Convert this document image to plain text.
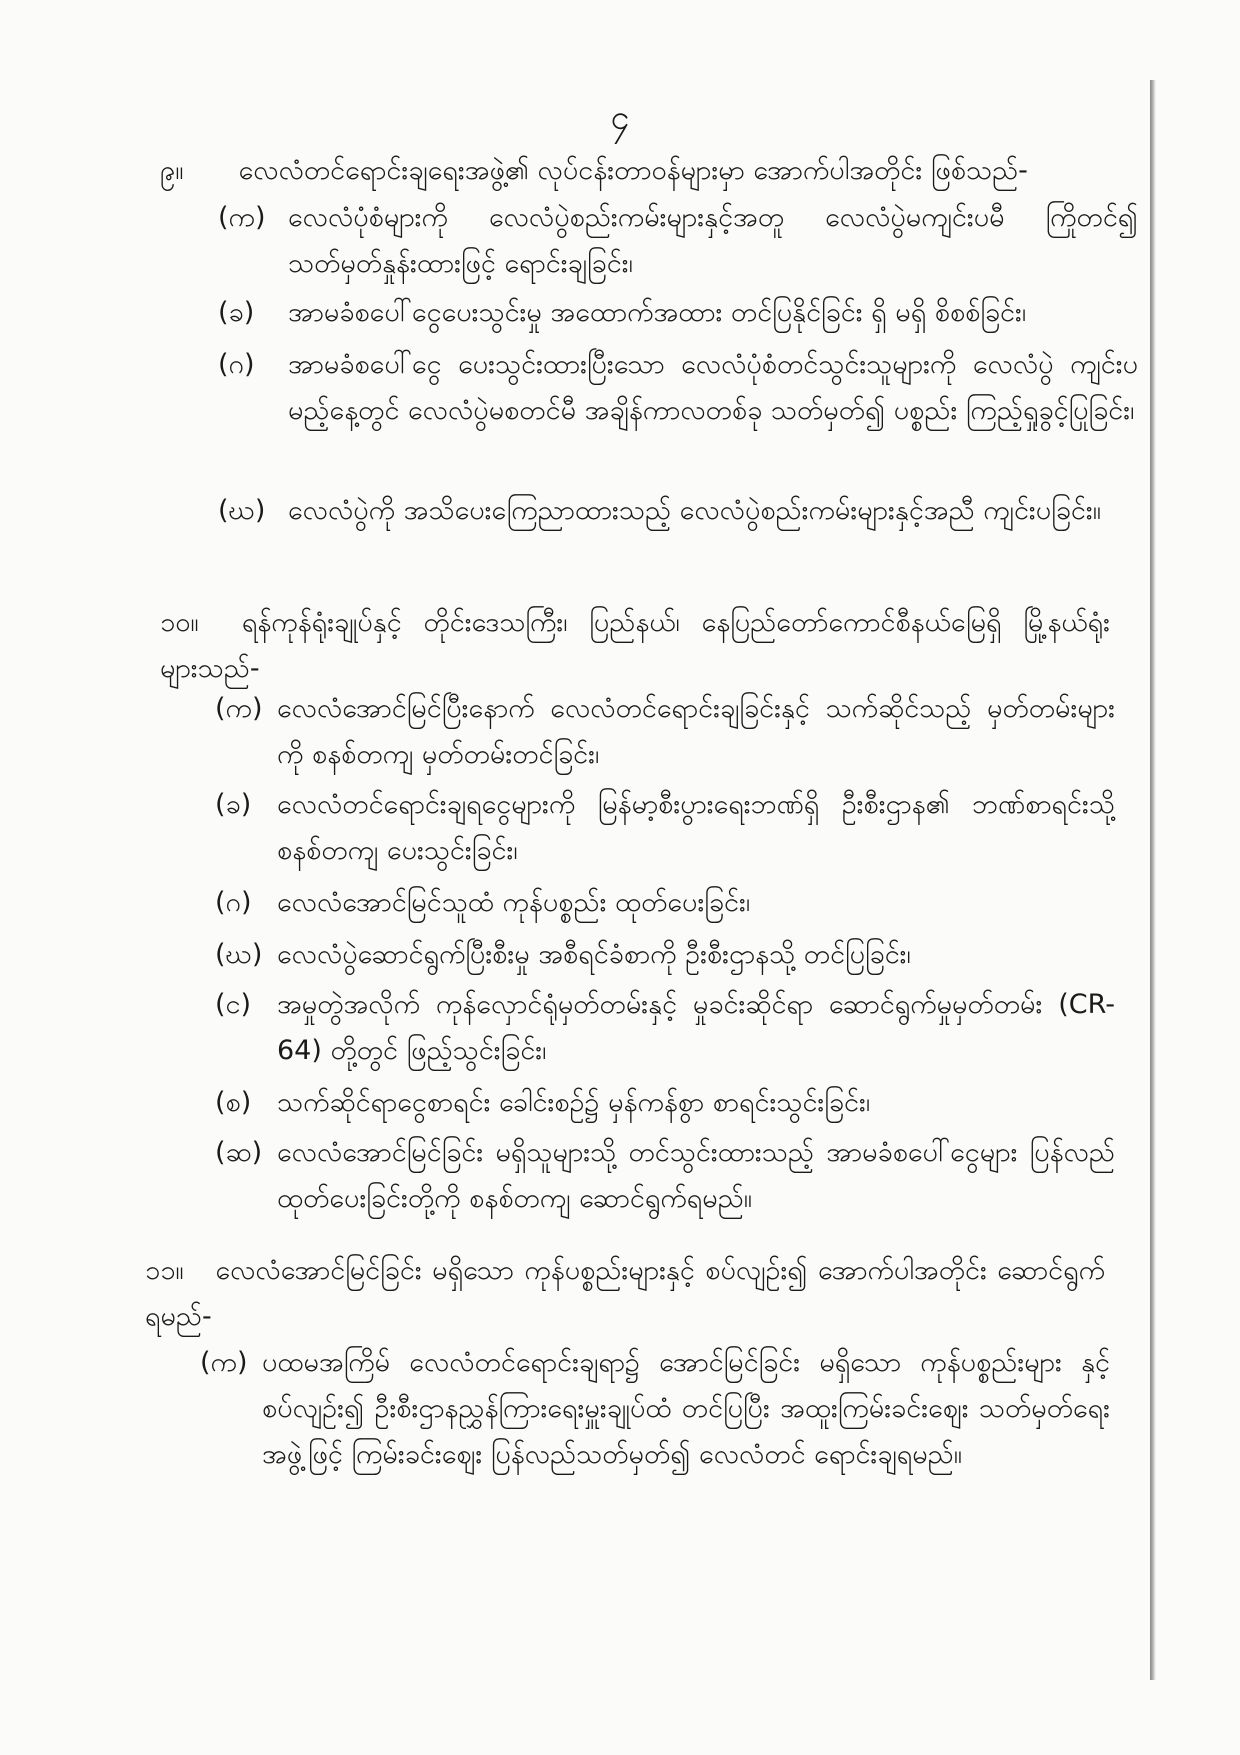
၄
၉။ လေလံတင်ရောင်းချရေးအဖွဲ့၏ လုပ်ငန်းတာဝန်များမှာ အောက်ပါအတိုင်း ဖြစ်သည်-
(က) လေလံပုံစံများကို လေလံပွဲစည်းကမ်းများနှင့်အတူ လေလံပွဲမကျင်းပမီ ကြိုတင်၍ သတ်မှတ်နှုန်းထားဖြင့် ရောင်းချခြင်း၊
(ခ) အာမခံစပေါ်ငွေပေးသွင်းမှု အထောက်အထား တင်ပြနိုင်ခြင်း ရှိ မရှိ စိစစ်ခြင်း၊
(ဂ) အာမခံစပေါ်ငွေ ပေးသွင်းထားပြီးသော လေလံပုံစံတင်သွင်းသူများကို လေလံပွဲ ကျင်းပမည့်နေ့တွင် လေလံပွဲမစတင်မီ အချိန်ကာလတစ်ခု သတ်မှတ်၍ ပစ္စည်း ကြည့်ရှုခွင့်ပြုခြင်း၊
(ဃ) လေလံပွဲကို အသိပေးကြေညာထားသည့် လေလံပွဲစည်းကမ်းများနှင့်အညီ ကျင်းပခြင်း။
၁၀။ ရန်ကုန်ရုံးချုပ်နှင့် တိုင်းဒေသကြီး၊ ပြည်နယ်၊ နေပြည်တော်ကောင်စီနယ်မြေရှိ မြို့နယ်ရုံး များသည်-
(က) လေလံအောင်မြင်ပြီးနောက် လေလံတင်ရောင်းချခြင်းနှင့် သက်ဆိုင်သည့် မှတ်တမ်းများကို စနစ်တကျ မှတ်တမ်းတင်ခြင်း၊
(ခ) လေလံတင်ရောင်းချရငွေများကို မြန်မာ့စီးပွားရေးဘဏ်ရှိ ဦးစီးဌာန၏ ဘဏ်စာရင်းသို့ စနစ်တကျ ပေးသွင်းခြင်း၊
(ဂ) လေလံအောင်မြင်သူထံ ကုန်ပစ္စည်း ထုတ်ပေးခြင်း၊
(ဃ) လေလံပွဲဆောင်ရွက်ပြီးစီးမှု အစီရင်ခံစာကို ဦးစီးဌာနသို့ တင်ပြခြင်း၊
(င) အမှုတွဲအလိုက် ကုန်လှောင်ရုံမှတ်တမ်းနှင့် မှုခင်းဆိုင်ရာ ဆောင်ရွက်မှုမှတ်တမ်း (CR-64) တို့တွင် ဖြည့်သွင်းခြင်း၊
(စ) သက်ဆိုင်ရာငွေစာရင်း ခေါင်းစဉ်၌ မှန်ကန်စွာ စာရင်းသွင်းခြင်း၊
(ဆ) လေလံအောင်မြင်ခြင်း မရှိသူများသို့ တင်သွင်းထားသည့် အာမခံစပေါ်ငွေများ ပြန်လည်ထုတ်ပေးခြင်းတို့ကို စနစ်တကျ ဆောင်ရွက်ရမည်။
၁၁။ လေလံအောင်မြင်ခြင်း မရှိသော ကုန်ပစ္စည်းများနှင့် စပ်လျဉ်း၍ အောက်ပါအတိုင်း ဆောင်ရွက်ရမည်-
(က) ပထမအကြိမ် လေလံတင်ရောင်းချရာ၌ အောင်မြင်ခြင်း မရှိသော ကုန်ပစ္စည်းများ နှင့် စပ်လျဉ်း၍ ဦးစီးဌာနညွှန်ကြားရေးမှူးချုပ်ထံ တင်ပြပြီး အထူးကြမ်းခင်းဈေး သတ်မှတ်ရေးအဖွဲ့ဖြင့် ကြမ်းခင်းဈေး ပြန်လည်သတ်မှတ်၍ လေလံတင် ရောင်းချရမည်။
